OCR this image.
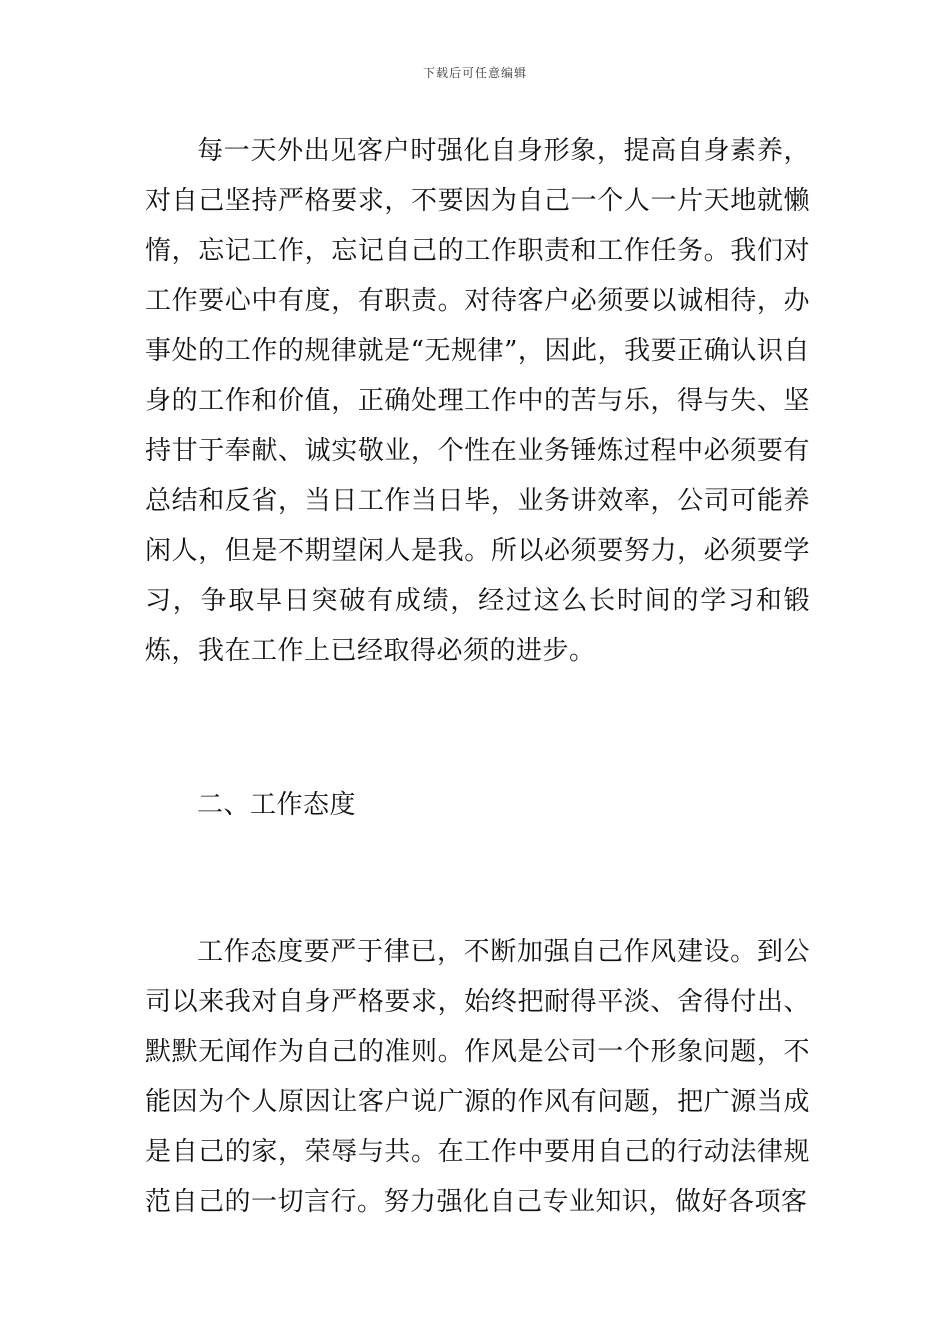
下载后可任意编辑

每一天外出见客户时强化自身形象，提高自身素养，对自己坚持严格要求，不要因为自己一个人一片天地就懒惰，忘记工作，忘记自己的工作职责和工作任务。我们对工作要心中有度，有职责。对待客户必须要以诚相待，办事处的工作的规律就是“无规律”，因此，我要正确认识自身的工作和价值，正确处理工作中的苦与乐，得与失、坚持甘于奉献、诚实敬业，个性在业务锤炼过程中必须要有总结和反省，当日工作当日毕，业务讲效率，公司可能养闲人，但是不期望闲人是我。所以必须要努力，必须要学习，争取早日突破有成绩，经过这么长时间的学习和锻炼，我在工作上已经取得必须的进步。

二、工作态度

工作态度要严于律已，不断加强自己作风建设。到公司以来我对自身严格要求，始终把耐得平淡、舍得付出、默默无闻作为自己的准则。作风是公司一个形象问题，不能因为个人原因让客户说广源的作风有问题，把广源当成是自己的家，荣辱与共。在工作中要用自己的行动法律规范自己的一切言行。努力强化自己专业知识，做好各项客
